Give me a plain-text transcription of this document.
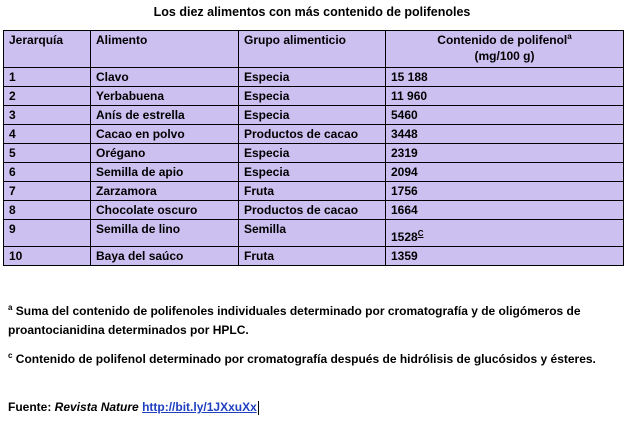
Los diez alimentos con más contenido de polifenoles
Jerarquía	Alimento	Grupo alimenticio	Contenido de polifenol$^a$
(mg/100 g)
1	Clavo	Especia	15 188
2	Yerbabuena	Especia	11 960
3	Anís de estrella	Especia	5460
4	Cacao en polvo	Productos de cacao	3448
5	Orégano	Especia	2319
6	Semilla de apio	Especia	2094
7	Zarzamora	Fruta	1756
8	Chocolate oscuro	Productos de cacao	1664
9	Semilla de lino	Semilla	1528C
10	Baya del saúco	Fruta	1359

$^a$ Suma del contenido de polifenoles individuales determinado por cromatografía y de oligómeros de proantocianidina determinados por HPLC.

$^c$ Contenido de polifenol determinado por cromatografía después de hidrólisis de glucósidos y ésteres.

Fuente: Revista Nature http://bit.ly/1JXxuXx
